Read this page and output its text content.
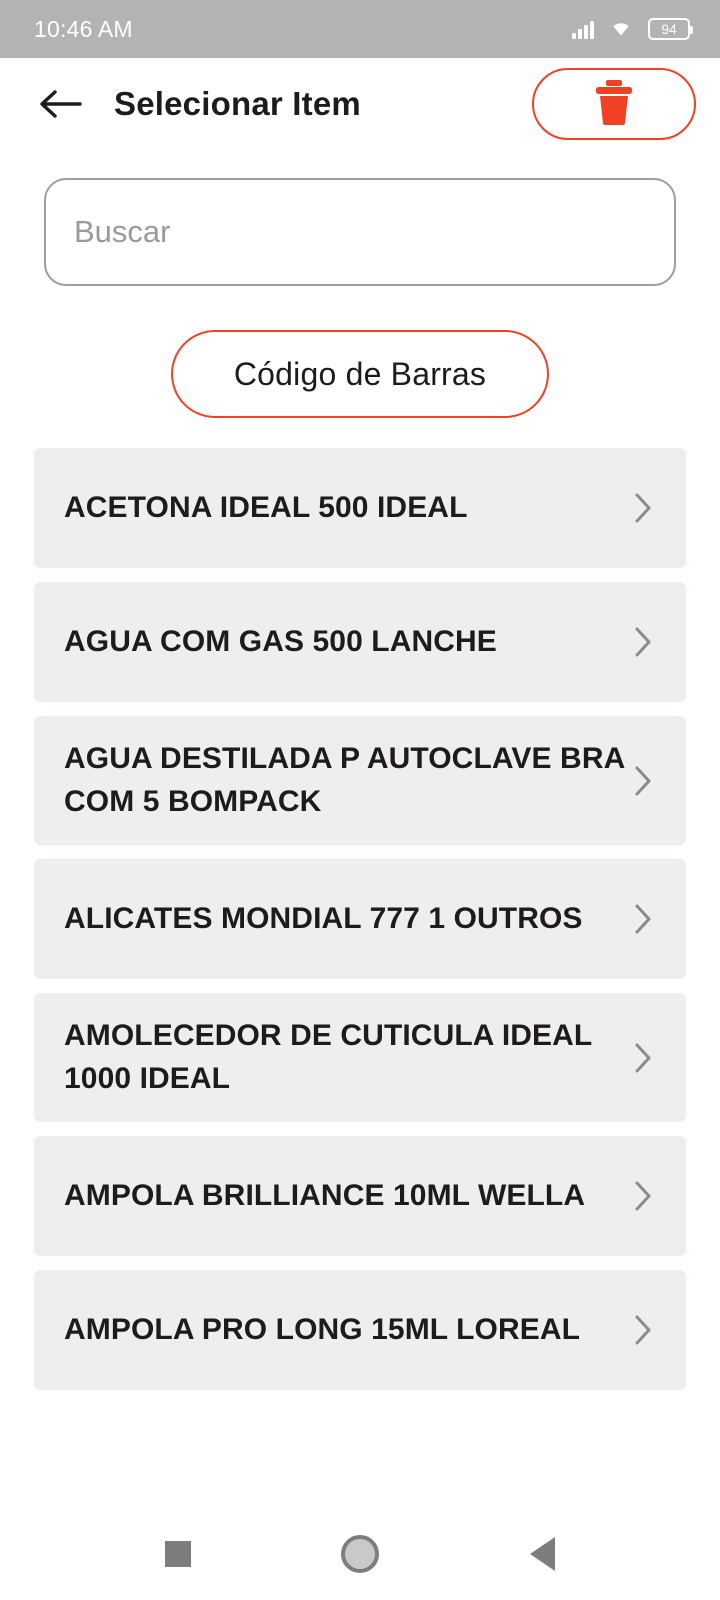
10:46 AM	94
Selecionar Item
Buscar
Código de Barras
ACETONA IDEAL 500 IDEAL
AGUA COM GAS 500 LANCHE
AGUA DESTILADA P AUTOCLAVE BRA COM 5 BOMPACK
ALICATES MONDIAL 777 1 OUTROS
AMOLECEDOR DE CUTICULA IDEAL 1000 IDEAL
AMPOLA BRILLIANCE 10ML WELLA
AMPOLA PRO LONG 15ML LOREAL
